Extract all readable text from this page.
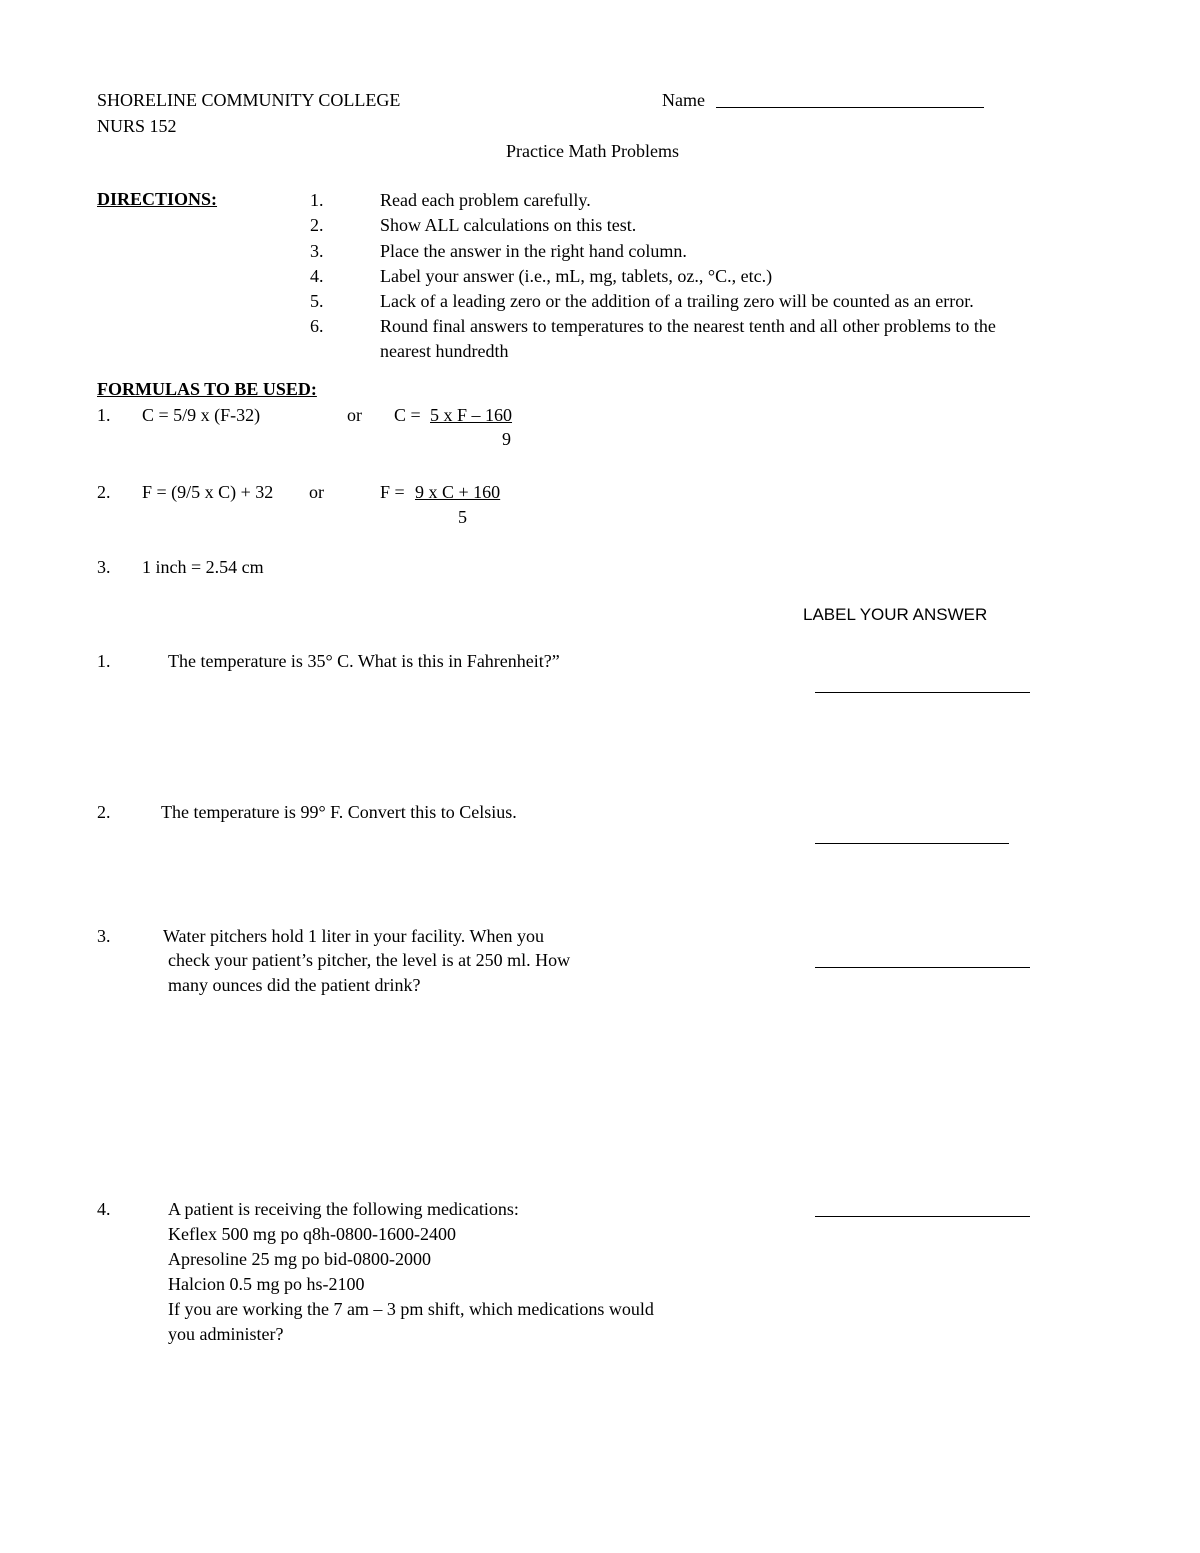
SHORELINE COMMUNITY COLLEGE
NURS 152
Name
Practice Math Problems
DIRECTIONS:	1.	Read each problem carefully.
2.	Show ALL calculations on this test.
3.	Place the answer in the right hand column.
4.	Label your answer (i.e., mL, mg, tablets, oz., °C., etc.)
5.	Lack of a leading zero or the addition of a trailing zero will be counted as an error.
6.	Round final answers to temperatures to the nearest tenth and all other problems to the
nearest hundredth
FORMULAS TO BE USED:
1. C = 5/9 x (F-32)	or C = 5 x F – 160
9
2. F = (9/5 x C) + 32 or	F = 9 x C + 160
5
3. 1 inch = 2.54 cm
LABEL YOUR ANSWER
1.	The temperature is 35° C. What is this in Fahrenheit?”
2.	The temperature is 99° F. Convert this to Celsius.
3.	Water pitchers hold 1 liter in your facility. When you
check your patient’s pitcher, the level is at 250 ml. How
many ounces did the patient drink?
4.	A patient is receiving the following medications:
Keflex 500 mg po q8h-0800-1600-2400
Apresoline 25 mg po bid-0800-2000
Halcion 0.5 mg po hs-2100
If you are working the 7 am – 3 pm shift, which medications would
you administer?
